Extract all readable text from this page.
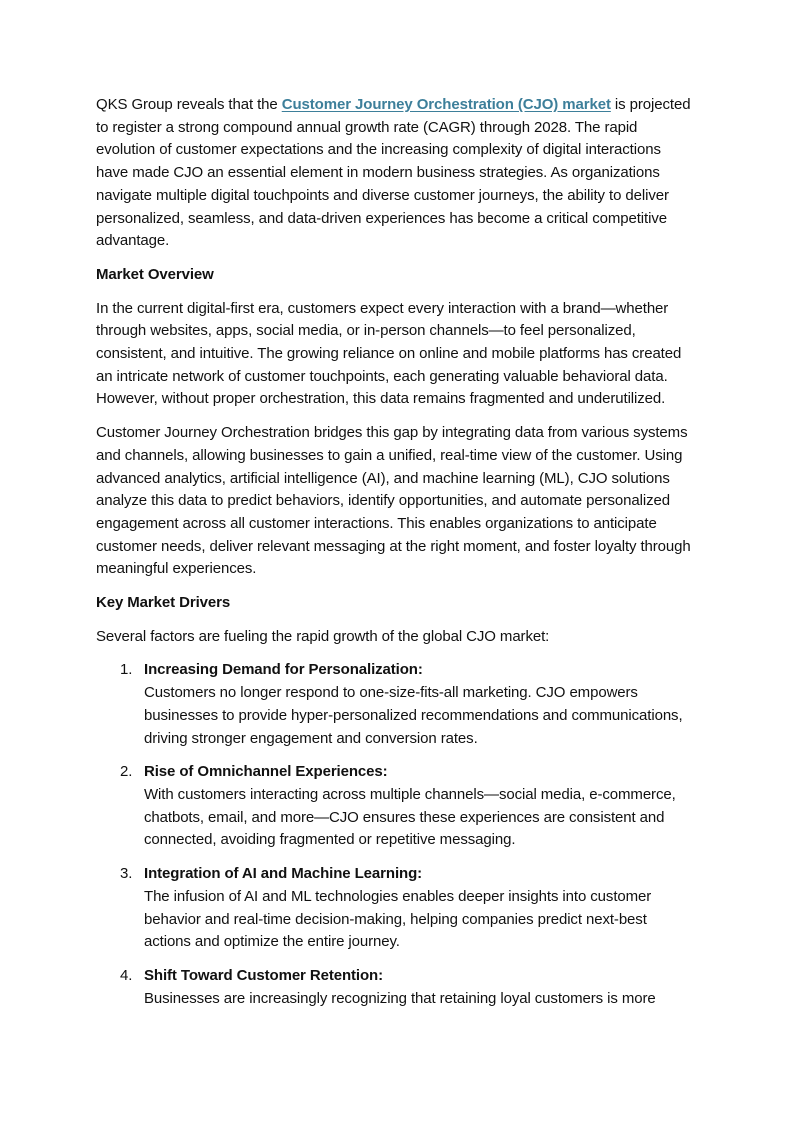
QKS Group reveals that the Customer Journey Orchestration (CJO) market is projected to register a strong compound annual growth rate (CAGR) through 2028. The rapid evolution of customer expectations and the increasing complexity of digital interactions have made CJO an essential element in modern business strategies. As organizations navigate multiple digital touchpoints and diverse customer journeys, the ability to deliver personalized, seamless, and data-driven experiences has become a critical competitive advantage.

Market Overview

In the current digital-first era, customers expect every interaction with a brand—whether through websites, apps, social media, or in-person channels—to feel personalized, consistent, and intuitive. The growing reliance on online and mobile platforms has created an intricate network of customer touchpoints, each generating valuable behavioral data. However, without proper orchestration, this data remains fragmented and underutilized.

Customer Journey Orchestration bridges this gap by integrating data from various systems and channels, allowing businesses to gain a unified, real-time view of the customer. Using advanced analytics, artificial intelligence (AI), and machine learning (ML), CJO solutions analyze this data to predict behaviors, identify opportunities, and automate personalized engagement across all customer interactions. This enables organizations to anticipate customer needs, deliver relevant messaging at the right moment, and foster loyalty through meaningful experiences.

Key Market Drivers

Several factors are fueling the rapid growth of the global CJO market:

1. Increasing Demand for Personalization:
Customers no longer respond to one-size-fits-all marketing. CJO empowers businesses to provide hyper-personalized recommendations and communications, driving stronger engagement and conversion rates.
2. Rise of Omnichannel Experiences:
With customers interacting across multiple channels—social media, e-commerce, chatbots, email, and more—CJO ensures these experiences are consistent and connected, avoiding fragmented or repetitive messaging.
3. Integration of AI and Machine Learning:
The infusion of AI and ML technologies enables deeper insights into customer behavior and real-time decision-making, helping companies predict next-best actions and optimize the entire journey.
4. Shift Toward Customer Retention:
Businesses are increasingly recognizing that retaining loyal customers is more
